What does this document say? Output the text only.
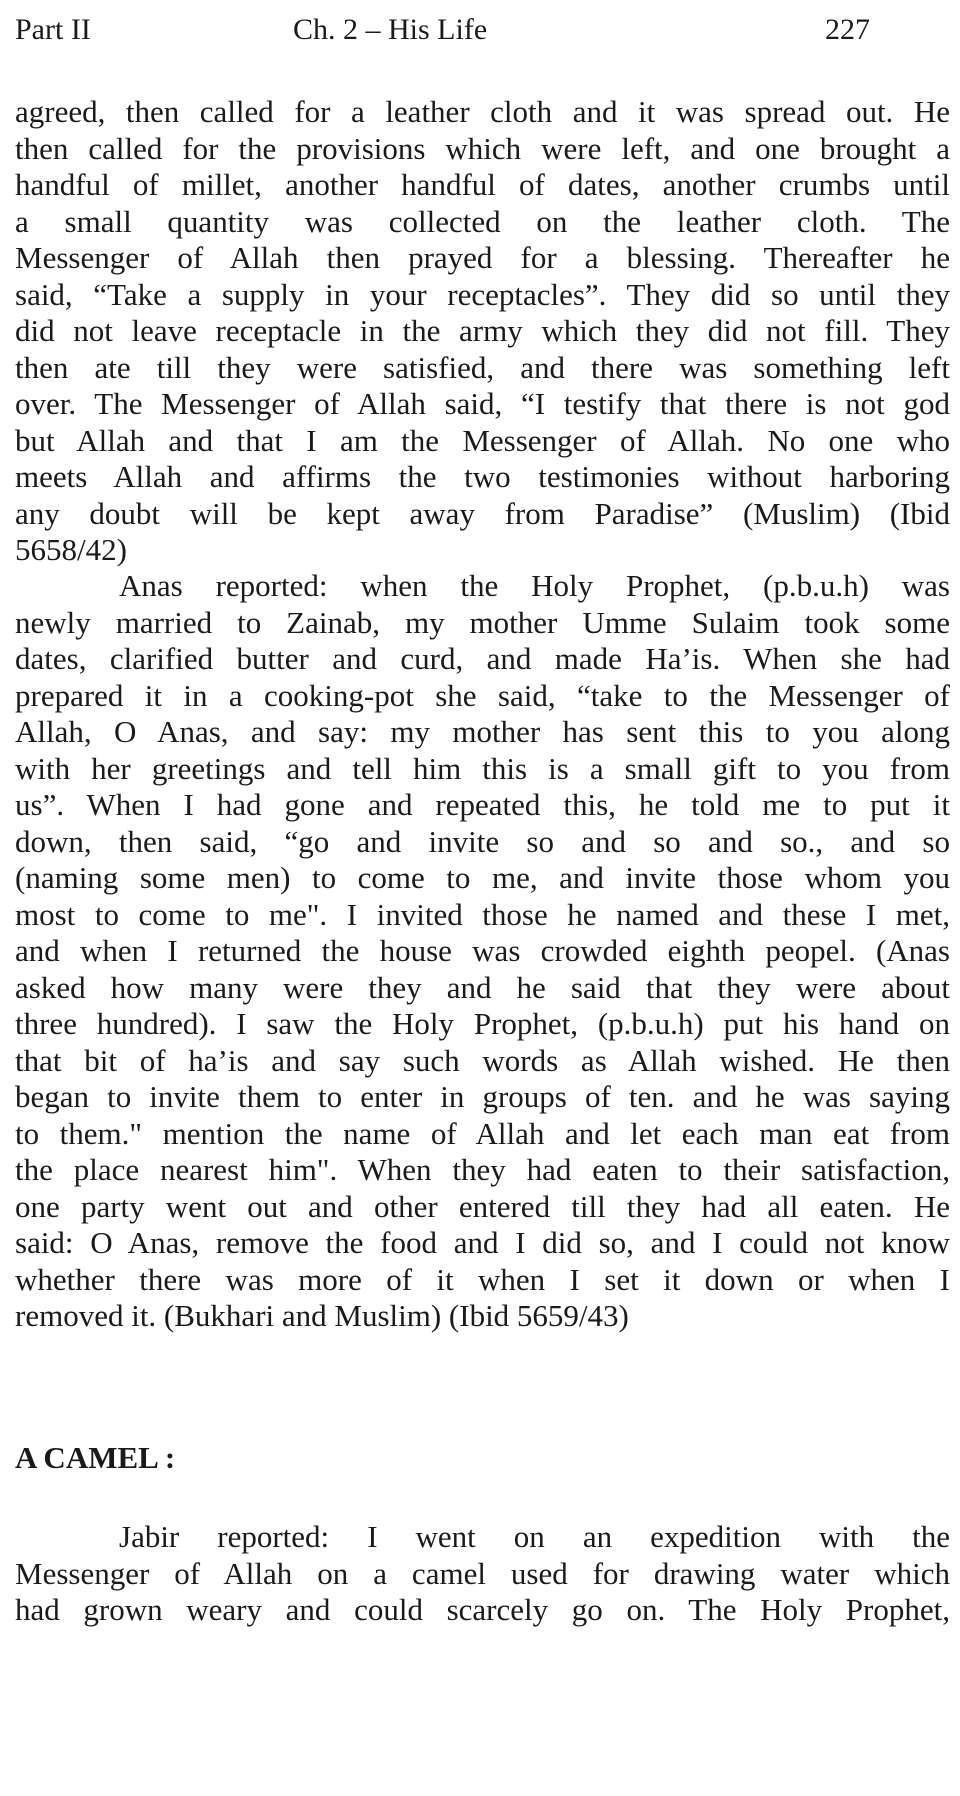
Part II	Ch. 2 – His Life	227
agreed, then called for a leather cloth and it was spread out. He
then called for the provisions which were left, and one brought a
handful of millet, another handful of dates, another crumbs until
a small quantity was collected on the leather cloth. The
Messenger of Allah then prayed for a blessing. Thereafter he
said, “Take a supply in your receptacles”. They did so until they
did not leave receptacle in the army which they did not fill. They
then ate till they were satisfied, and there was something left
over. The Messenger of Allah said, “I testify that there is not god
but Allah and that I am the Messenger of Allah. No one who
meets Allah and affirms the two testimonies without harboring
any doubt will be kept away from Paradise” (Muslim) (Ibid
5658/42)
Anas reported: when the Holy Prophet, (p.b.u.h) was
newly married to Zainab, my mother Umme Sulaim took some
dates, clarified butter and curd, and made Ha’is. When she had
prepared it in a cooking-pot she said, “take to the Messenger of
Allah, O Anas, and say: my mother has sent this to you along
with her greetings and tell him this is a small gift to you from
us”. When I had gone and repeated this, he told me to put it
down, then said, “go and invite so and so and so., and so
(naming some men) to come to me, and invite those whom you
most to come to me". I invited those he named and these I met,
and when I returned the house was crowded eighth peopel. (Anas
asked how many were they and he said that they were about
three hundred). I saw the Holy Prophet, (p.b.u.h) put his hand on
that bit of ha’is and say such words as Allah wished. He then
began to invite them to enter in groups of ten. and he was saying
to them." mention the name of Allah and let each man eat from
the place nearest him". When they had eaten to their satisfaction,
one party went out and other entered till they had all eaten. He
said: O Anas, remove the food and I did so, and I could not know
whether there was more of it when I set it down or when I
removed it. (Bukhari and Muslim) (Ibid 5659/43)
A CAMEL :
Jabir reported: I went on an expedition with the
Messenger of Allah on a camel used for drawing water which
had grown weary and could scarcely go on. The Holy Prophet,
